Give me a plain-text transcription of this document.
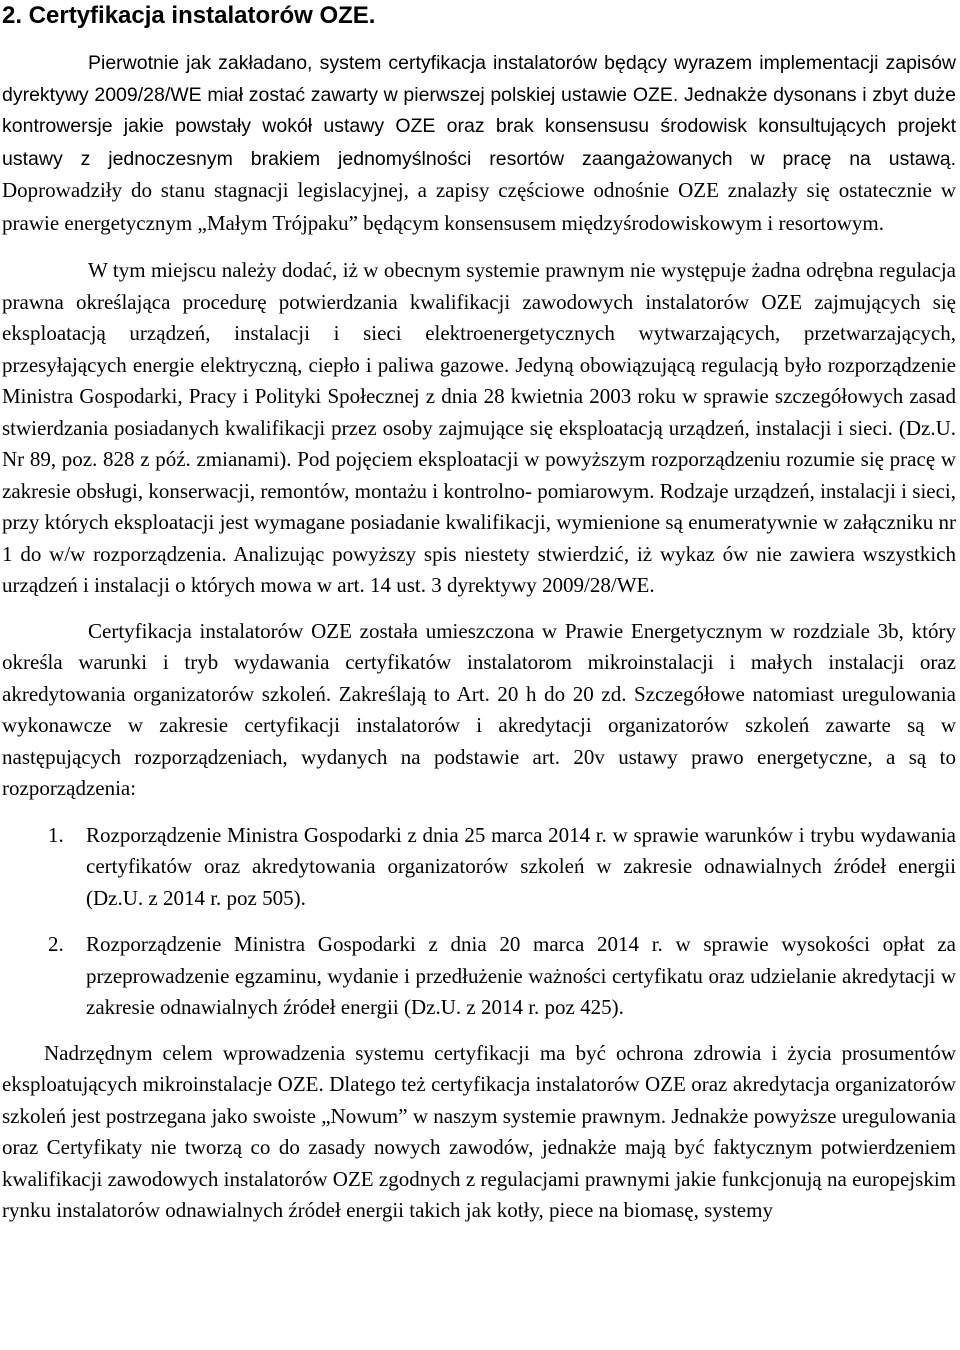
2. Certyfikacja instalatorów OZE.

Pierwotnie jak zakładano, system certyfikacja instalatorów będący wyrazem implementacji zapisów dyrektywy 2009/28/WE miał zostać zawarty w pierwszej polskiej ustawie OZE. Jednakże dysonans i zbyt duże kontrowersje jakie powstały wokół ustawy OZE oraz brak konsensusu środowisk konsultujących projekt ustawy z jednoczesnym brakiem jednomyślności resortów zaangażowanych w pracę na ustawą. Doprowadziły do stanu stagnacji legislacyjnej, a zapisy częściowe odnośnie OZE znalazły się ostatecznie w prawie energetycznym „Małym Trójpaku” będącym konsensusem międzyśrodowiskowym i resortowym.

W tym miejscu należy dodać, iż w obecnym systemie prawnym nie występuje żadna odrębna regulacja prawna określająca procedurę potwierdzania kwalifikacji zawodowych instalatorów OZE zajmujących się eksploatacją urządzeń, instalacji i sieci elektroenergetycznych wytwarzających, przetwarzających, przesyłających energie elektryczną, ciepło i paliwa gazowe. Jedyną obowiązującą regulacją było rozporządzenie Ministra Gospodarki, Pracy i Polityki Społecznej z dnia 28 kwietnia 2003 roku w sprawie szczegółowych zasad stwierdzania posiadanych kwalifikacji przez osoby zajmujące się eksploatacją urządzeń, instalacji i sieci. (Dz.U. Nr 89, poz. 828 z póź. zmianami). Pod pojęciem eksploatacji w powyższym rozporządzeniu rozumie się pracę w zakresie obsługi, konserwacji, remontów, montażu i kontrolno- pomiarowym. Rodzaje urządzeń, instalacji i sieci, przy których eksploatacji jest wymagane posiadanie kwalifikacji, wymienione są enumeratywnie w załączniku nr 1 do w/w rozporządzenia. Analizując powyższy spis niestety stwierdzić, iż wykaz ów nie zawiera wszystkich urządzeń i instalacji o których mowa w art. 14 ust. 3 dyrektywy 2009/28/WE.

Certyfikacja instalatorów OZE została umieszczona w Prawie Energetycznym w rozdziale 3b, który określa warunki i tryb wydawania certyfikatów instalatorom mikroinstalacji i małych instalacji oraz akredytowania organizatorów szkoleń. Zakreślają to Art. 20 h do 20 zd. Szczegółowe natomiast uregulowania wykonawcze w zakresie certyfikacji instalatorów i akredytacji organizatorów szkoleń zawarte są w następujących rozporządzeniach, wydanych na podstawie art. 20v ustawy prawo energetyczne, a są to rozporządzenia:

1. Rozporządzenie Ministra Gospodarki z dnia 25 marca 2014 r. w sprawie warunków i trybu wydawania certyfikatów oraz akredytowania organizatorów szkoleń w zakresie odnawialnych źródeł energii (Dz.U. z 2014 r. poz 505).
2. Rozporządzenie Ministra Gospodarki z dnia 20 marca 2014 r. w sprawie wysokości opłat za przeprowadzenie egzaminu, wydanie i przedłużenie ważności certyfikatu oraz udzielanie akredytacji w zakresie odnawialnych źródeł energii (Dz.U. z 2014 r. poz 425).

Nadrzędnym celem wprowadzenia systemu certyfikacji ma być ochrona zdrowia i życia prosumentów eksploatujących mikroinstalacje OZE. Dlatego też certyfikacja instalatorów OZE oraz akredytacja organizatorów szkoleń jest postrzegana jako swoiste „Nowum” w naszym systemie prawnym. Jednakże powyższe uregulowania oraz Certyfikaty nie tworzą co do zasady nowych zawodów, jednakże mają być faktycznym potwierdzeniem kwalifikacji zawodowych instalatorów OZE zgodnych z regulacjami prawnymi jakie funkcjonują na europejskim rynku instalatorów odnawialnych źródeł energii takich jak kotły, piece na biomasę, systemy
